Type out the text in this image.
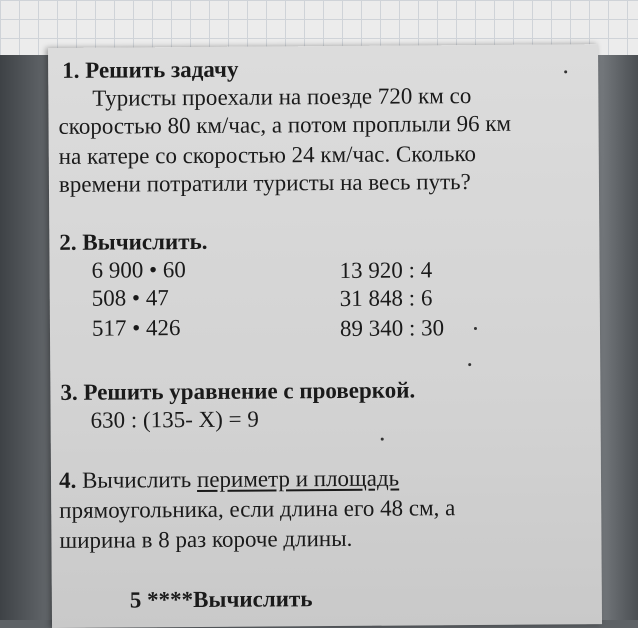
1. Решить задачу
Туристы проехали на поезде 720 км со
скоростью 80 км/час, а потом проплыли 96 км
на катере со скоростью 24 км/час. Сколько
времени потратили туристы на весь путь?
2. Вычислить.
6 900 • 60
508 • 47
517 • 426
13 920 : 4
31 848 : 6
89 340 : 30
3. Решить уравнение с проверкой.
630 : (135- X) = 9
4. Вычислить периметр и площадь
прямоугольника, если длина его 48 см, а
ширина в 8 раз короче длины.
5 ****Вычислить
